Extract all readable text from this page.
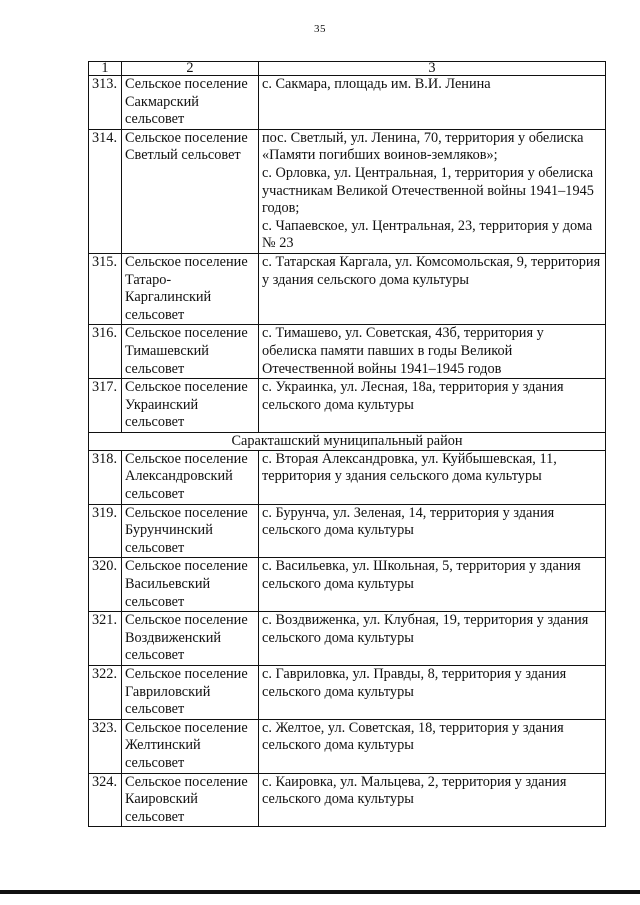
35
1	2	3
313.	Сельское поселение
Сакмарский
сельсовет	с. Сакмара, площадь им. В.И. Ленина
314.	Сельское поселение
Светлый сельсовет	пос. Светлый, ул. Ленина, 70, территория у обелиска «Памяти погибших воинов-земляков»;
с. Орловка, ул. Центральная, 1, территория у обелиска участникам Великой Отечественной войны 1941–1945 годов;
с. Чапаевское, ул. Центральная, 23, территория у дома № 23
315.	Сельское поселение
Татаро-
Каргалинский
сельсовет	с. Татарская Каргала, ул. Комсомольская, 9, территория у здания сельского дома культуры
316.	Сельское поселение
Тимашевский
сельсовет	с. Тимашево, ул. Советская, 43б, территория у обелиска памяти павших в годы Великой Отечественной войны 1941–1945 годов
317.	Сельское поселение
Украинский
сельсовет	с. Украинка, ул. Лесная, 18а, территория у здания сельского дома культуры
Саракташский муниципальный район		
318.	Сельское поселение
Александровский
сельсовет	с. Вторая Александровка, ул. Куйбышевская, 11, территория у здания сельского дома культуры
319.	Сельское поселение
Бурунчинский
сельсовет	с. Бурунча, ул. Зеленая, 14, территория у здания сельского дома культуры
320.	Сельское поселение
Васильевский
сельсовет	с. Васильевка, ул. Школьная, 5, территория у здания сельского дома культуры
321.	Сельское поселение
Воздвиженский
сельсовет	с. Воздвиженка, ул. Клубная, 19, территория у здания сельского дома культуры
322.	Сельское поселение
Гавриловский
сельсовет	с. Гавриловка, ул. Правды, 8, территория у здания сельского дома культуры
323.	Сельское поселение
Желтинский
сельсовет	с. Желтое, ул. Советская, 18, территория у здания сельского дома культуры
324.	Сельское поселение
Каировский
сельсовет	с. Каировка, ул. Мальцева, 2, территория у здания сельского дома культуры
